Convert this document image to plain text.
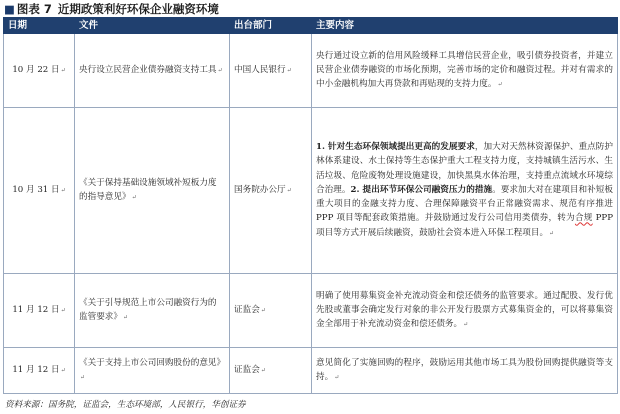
■ 图表 7 近期政策利好环保企业融资环境
日期	文件	出台部门	主要内容
10 月 22 日↵	央行设立民营企业债券融资支持工具↵	中国人民银行↵	央行通过设立新的信用风险缓释工具增信民营企业，吸引债券投资者，并建立民营企业债券融资的市场化预期，完善市场的定价和融资过程。并对有需求的中小金融机构加大再贷款和再贴现的支持力度。↵
10 月 31 日↵	《关于保持基础设施领域补短板力度的指导意见》↵	国务院办公厅↵	1. 针对生态环保领域提出更高的发展要求，加大对天然林资源保护、重点防护林体系建设、水土保持等生态保护重大工程支持力度，支持城镇生活污水、生活垃圾、危险废物处理设施建设，加快黑臭水体治理，支持重点流域水环境综合治理。2. 提出环节环保公司融资压力的措施。要求加大对在建项目和补短板重大项目的金融支持力度、合理保障融资平台正常融资需求、规范有序推进 PPP 项目等配套政策措施。并鼓励通过发行公司信用类债券，转为合规 PPP 项目等方式开展后续融资，鼓励社会资本进入环保工程项目。↵
11 月 12 日↵	《关于引导规范上市公司融资行为的监管要求》↵	证监会↵	明确了使用募集资金补充流动资金和偿还债务的监管要求。通过配股、发行优先股或董事会确定发行对象的非公开发行股票方式募集资金的，可以将募集资金全部用于补充流动资金和偿还债务。↵
11 月 12 日↵	《关于支持上市公司回购股份的意见》↵	证监会↵	意见简化了实施回购的程序，鼓励运用其他市场工具为股份回购提供融资等支持。↵
资料来源：国务院，证监会，生态环境部，人民银行，华创证券
